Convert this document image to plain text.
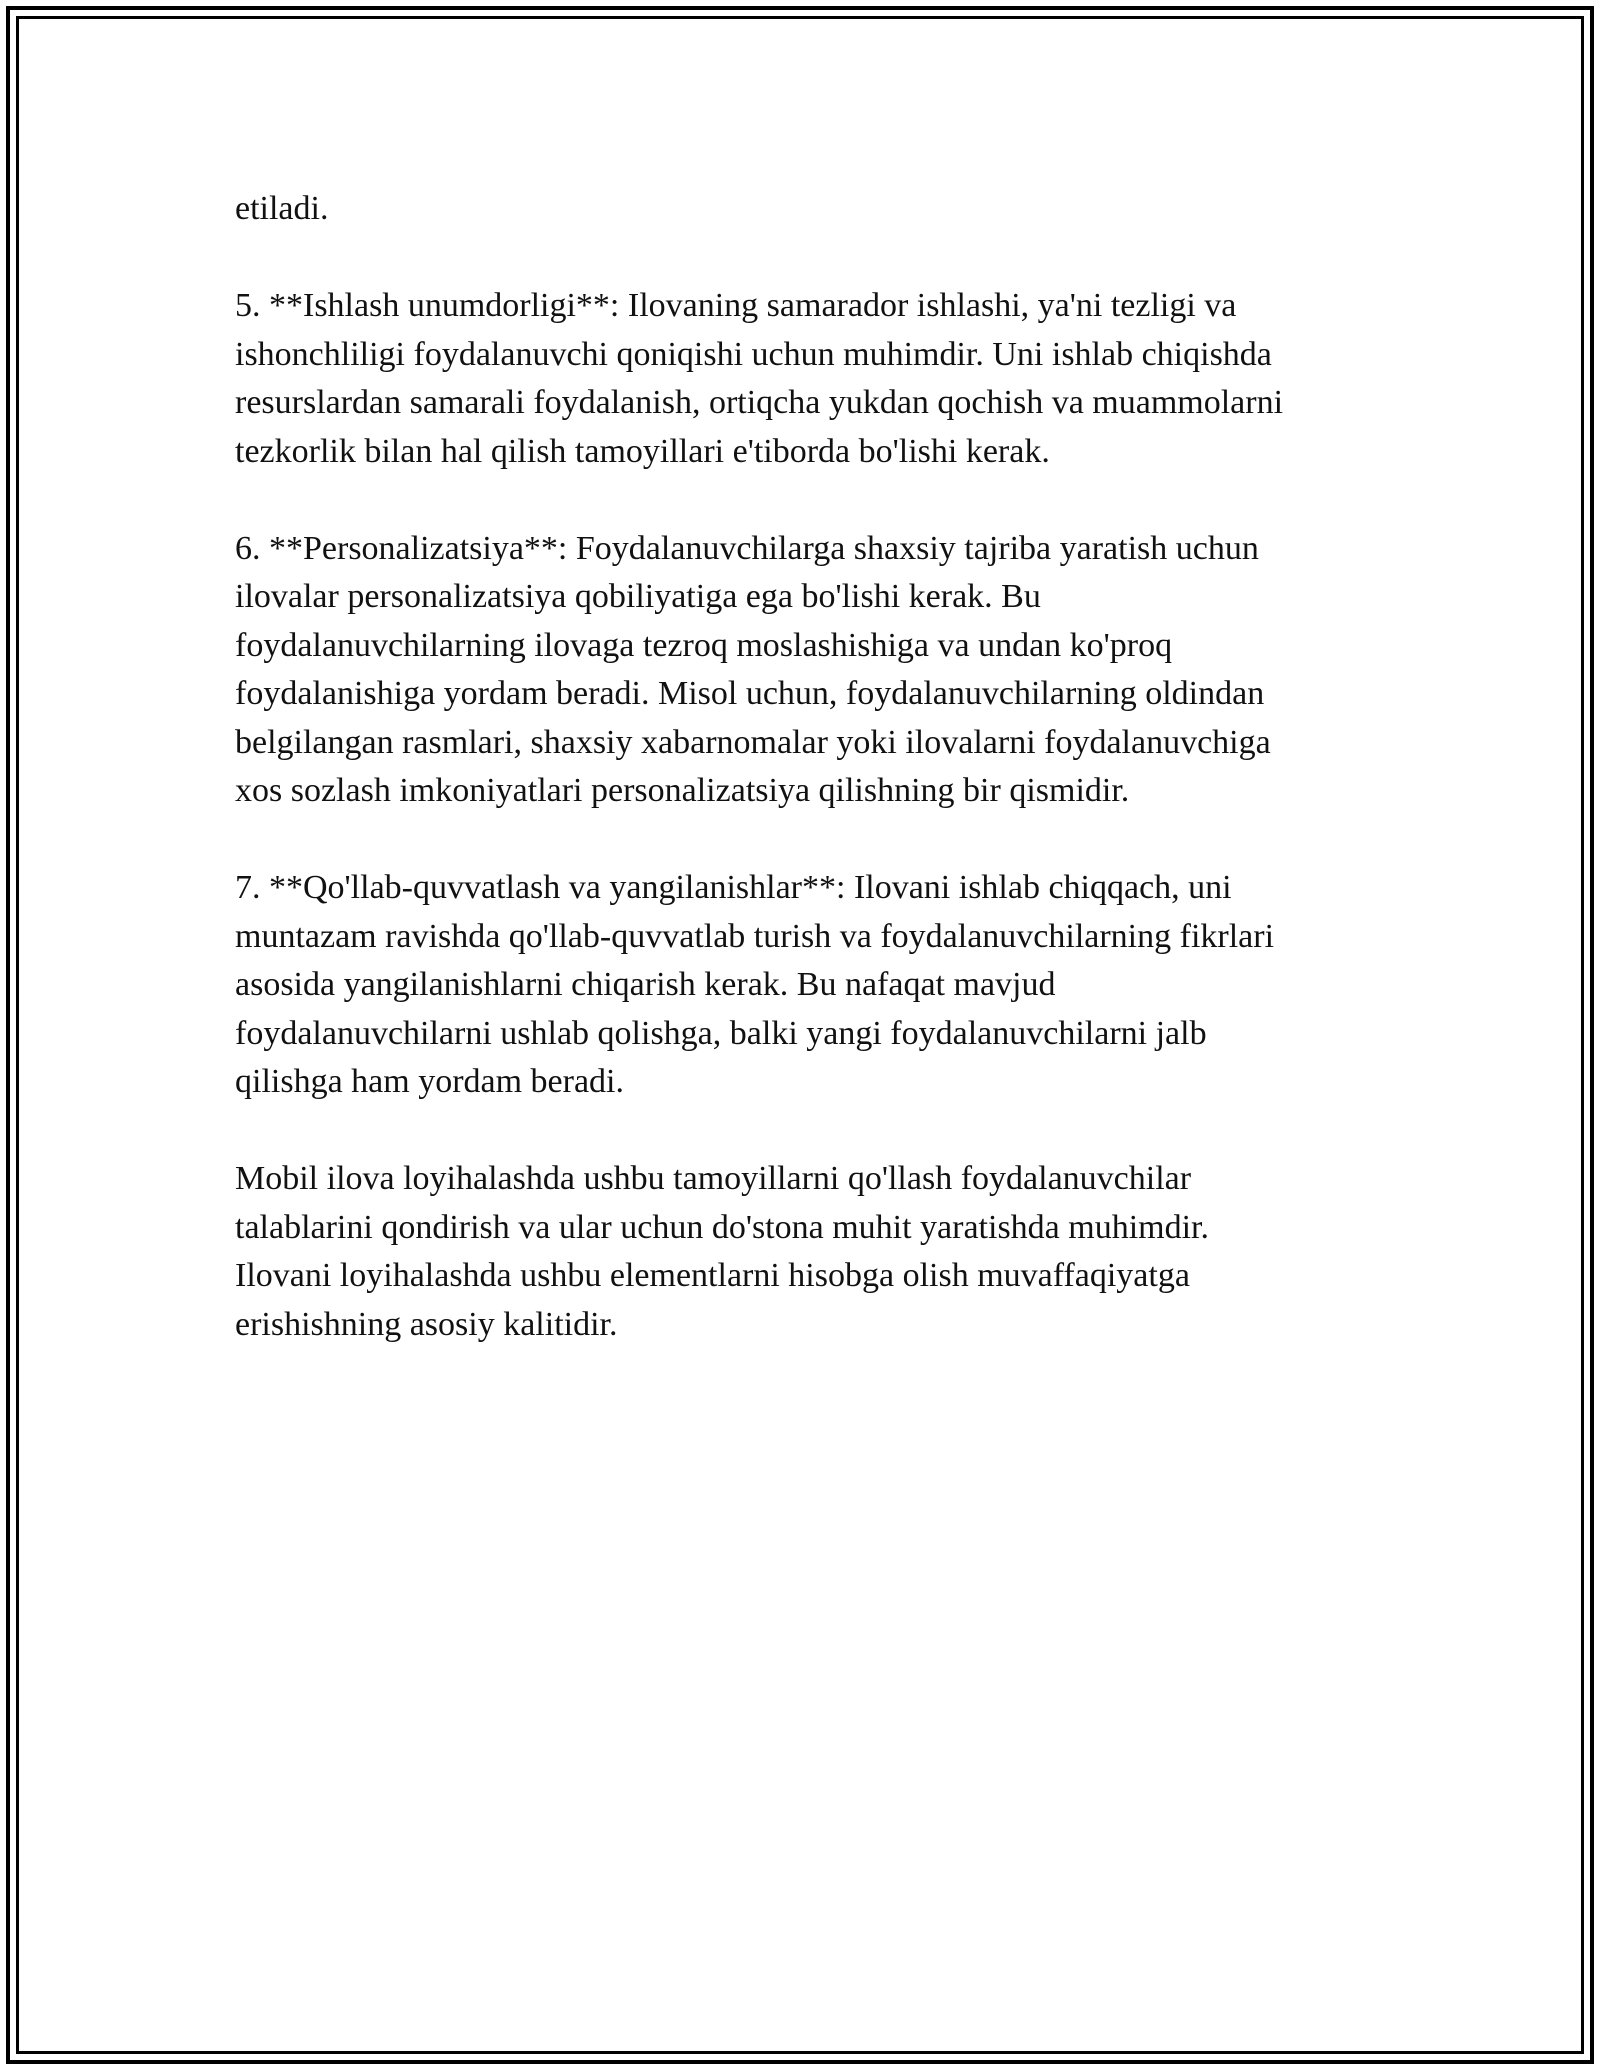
etiladi.

5. **Ishlash unumdorligi**: Ilovaning samarador ishlashi, ya'ni tezligi va
ishonchliligi foydalanuvchi qoniqishi uchun muhimdir. Uni ishlab chiqishda
resurslardan samarali foydalanish, ortiqcha yukdan qochish va muammolarni
tezkorlik bilan hal qilish tamoyillari e'tiborda bo'lishi kerak.

6. **Personalizatsiya**: Foydalanuvchilarga shaxsiy tajriba yaratish uchun
ilovalar personalizatsiya qobiliyatiga ega bo'lishi kerak. Bu
foydalanuvchilarning ilovaga tezroq moslashishiga va undan ko'proq
foydalanishiga yordam beradi. Misol uchun, foydalanuvchilarning oldindan
belgilangan rasmlari, shaxsiy xabarnomalar yoki ilovalarni foydalanuvchiga
xos sozlash imkoniyatlari personalizatsiya qilishning bir qismidir.

7. **Qo'llab-quvvatlash va yangilanishlar**: Ilovani ishlab chiqqach, uni
muntazam ravishda qo'llab-quvvatlab turish va foydalanuvchilarning fikrlari
asosida yangilanishlarni chiqarish kerak. Bu nafaqat mavjud
foydalanuvchilarni ushlab qolishga, balki yangi foydalanuvchilarni jalb
qilishga ham yordam beradi.

Mobil ilova loyihalashda ushbu tamoyillarni qo'llash foydalanuvchilar
talablarini qondirish va ular uchun do'stona muhit yaratishda muhimdir.
Ilovani loyihalashda ushbu elementlarni hisobga olish muvaffaqiyatga
erishishning asosiy kalitidir.
